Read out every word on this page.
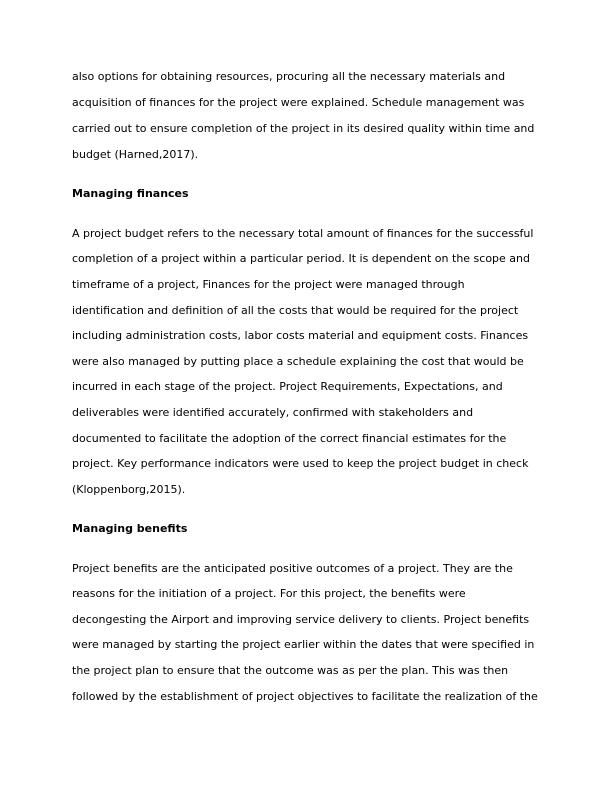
also options for obtaining resources, procuring all the necessary materials and

acquisition of finances for the project were explained. Schedule management was

carried out to ensure completion of the project in its desired quality within time and

budget (Harned,2017).

Managing finances

A project budget refers to the necessary total amount of finances for the successful

completion of a project within a particular period. It is dependent on the scope and

timeframe of a project, Finances for the project were managed through

identification and definition of all the costs that would be required for the project

including administration costs, labor costs material and equipment costs. Finances

were also managed by putting place a schedule explaining the cost that would be

incurred in each stage of the project. Project Requirements, Expectations, and

deliverables were identified accurately, confirmed with stakeholders and

documented to facilitate the adoption of the correct financial estimates for the

project. Key performance indicators were used to keep the project budget in check

(Kloppenborg,2015).

Managing benefits

Project benefits are the anticipated positive outcomes of a project. They are the

reasons for the initiation of a project. For this project, the benefits were

decongesting the Airport and improving service delivery to clients. Project benefits

were managed by starting the project earlier within the dates that were specified in

the project plan to ensure that the outcome was as per the plan. This was then

followed by the establishment of project objectives to facilitate the realization of the
